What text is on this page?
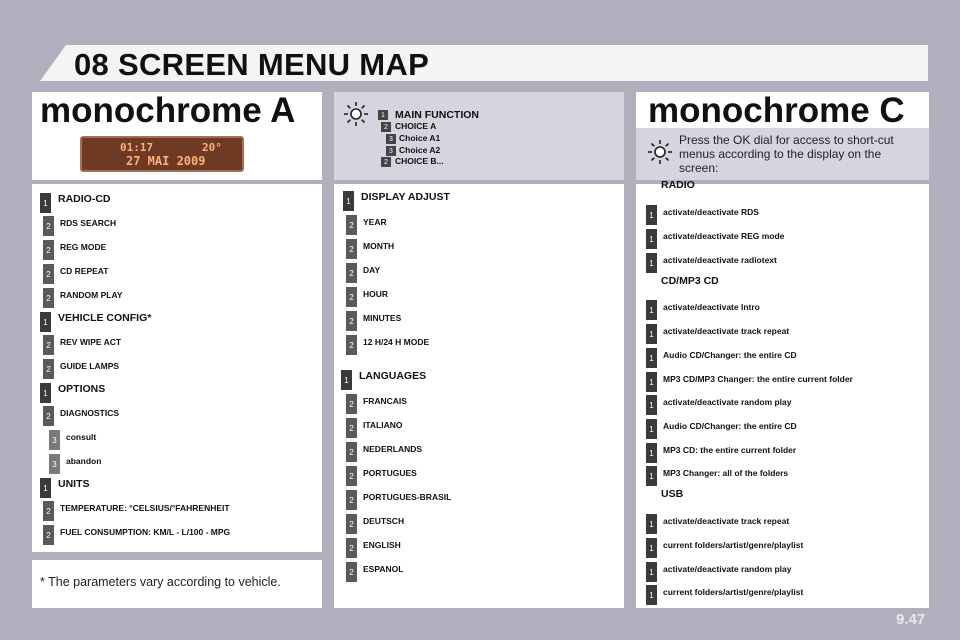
08 SCREEN MENU MAP
monochrome A
01:17	20°
27 MAI 2009
1 RADIO-CD
2	RDS SEARCH
2	REG MODE
2	CD REPEAT
2	RANDOM PLAY
1 VEHICLE CONFIG*
2	REV WIPE ACT
2	GUIDE LAMPS
1 OPTIONS
2	DIAGNOSTICS
3	consult
3	abandon
1 UNITS
2	TEMPERATURE: °CELSIUS/°FAHRENHEIT
2	FUEL CONSUMPTION: KM/L - L/100 - MPG
* The parameters vary according to vehicle.
1 MAIN FUNCTION
2 CHOICE A
3 Choice A1
3 Choice A2
2 CHOICE B...
1 DISPLAY ADJUST
2	YEAR
2	MONTH
2	DAY
2	HOUR
2	MINUTES
2	12 H/24 H MODE
1 LANGUAGES
2	FRANCAIS
2	ITALIANO
2	NEDERLANDS
2	PORTUGUES
2	PORTUGUES-BRASIL
2	DEUTSCH
2	ENGLISH
2	ESPANOL
monochrome C
Press the OK dial for access to short-cut menus according to the display on the screen:
RADIO
CD/MP3 CD
USB
1	activate/deactivate RDS
1	activate/deactivate REG mode
1	activate/deactivate radiotext
1	activate/deactivate Intro
1	activate/deactivate track repeat
1	Audio CD/Changer: the entire CD
1	MP3 CD/MP3 Changer: the entire current folder
1	activate/deactivate random play
1	Audio CD/Changer: the entire CD
1	MP3 CD: the entire current folder
1	MP3 Changer: all of the folders
1	activate/deactivate track repeat
1	current folders/artist/genre/playlist
1	activate/deactivate random play
1	current folders/artist/genre/playlist
9.47
